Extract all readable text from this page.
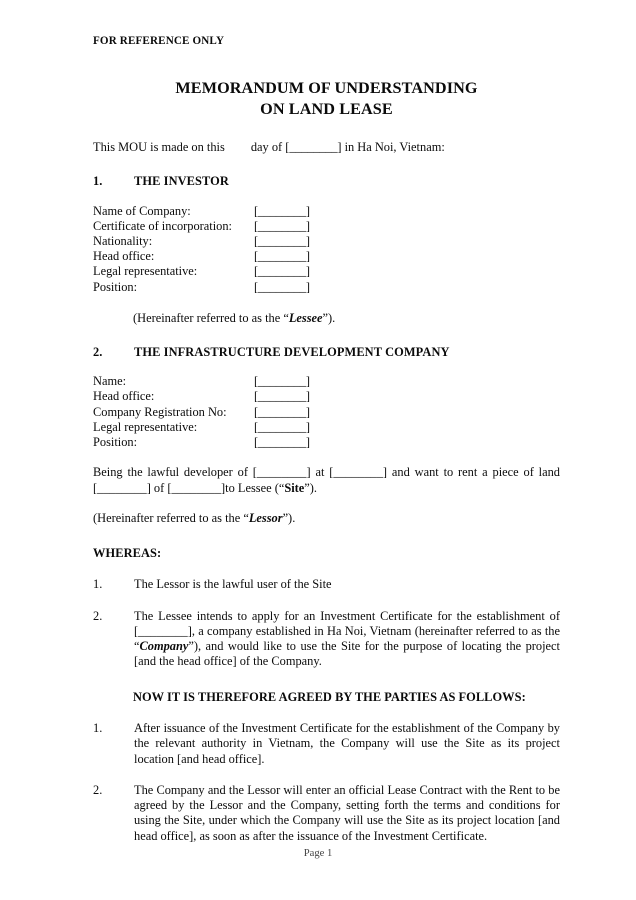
FOR REFERENCE ONLY

MEMORANDUM OF UNDERSTANDING
ON LAND LEASE

This MOU is made on this day of [________] in Ha Noi, Vietnam:

1.	THE INVESTOR

Name of Company:	[________]
Certificate of incorporation:	[________]
Nationality:	[________]
Head office:	[________]
Legal representative:	[________]
Position:	[________]

(Hereinafter referred to as the “Lessee”).

2.	THE INFRASTRUCTURE DEVELOPMENT COMPANY

Name:	[________]
Head office:	[________]
Company Registration No:	[________]
Legal representative:	[________]
Position:	[________]

Being the lawful developer of [________] at [________] and want to rent a piece of land [________] of [________]to Lessee (“Site”).

(Hereinafter referred to as the “Lessor”).

WHEREAS:

1.	The Lessor is the lawful user of the Site

2.	The Lessee intends to apply for an Investment Certificate for the establishment of [________], a company established in Ha Noi, Vietnam (hereinafter referred to as the “Company”), and would like to use the Site for the purpose of locating the project [and the head office] of the Company.

NOW IT IS THEREFORE AGREED BY THE PARTIES AS FOLLOWS:

1.	After issuance of the Investment Certificate for the establishment of the Company by the relevant authority in Vietnam, the Company will use the Site as its project location [and head office].

2.	The Company and the Lessor will enter an official Lease Contract with the Rent to be agreed by the Lessor and the Company, setting forth the terms and conditions for using the Site, under which the Company will use the Site as its project location [and head office], as soon as after the issuance of the Investment Certificate.

Page 1
